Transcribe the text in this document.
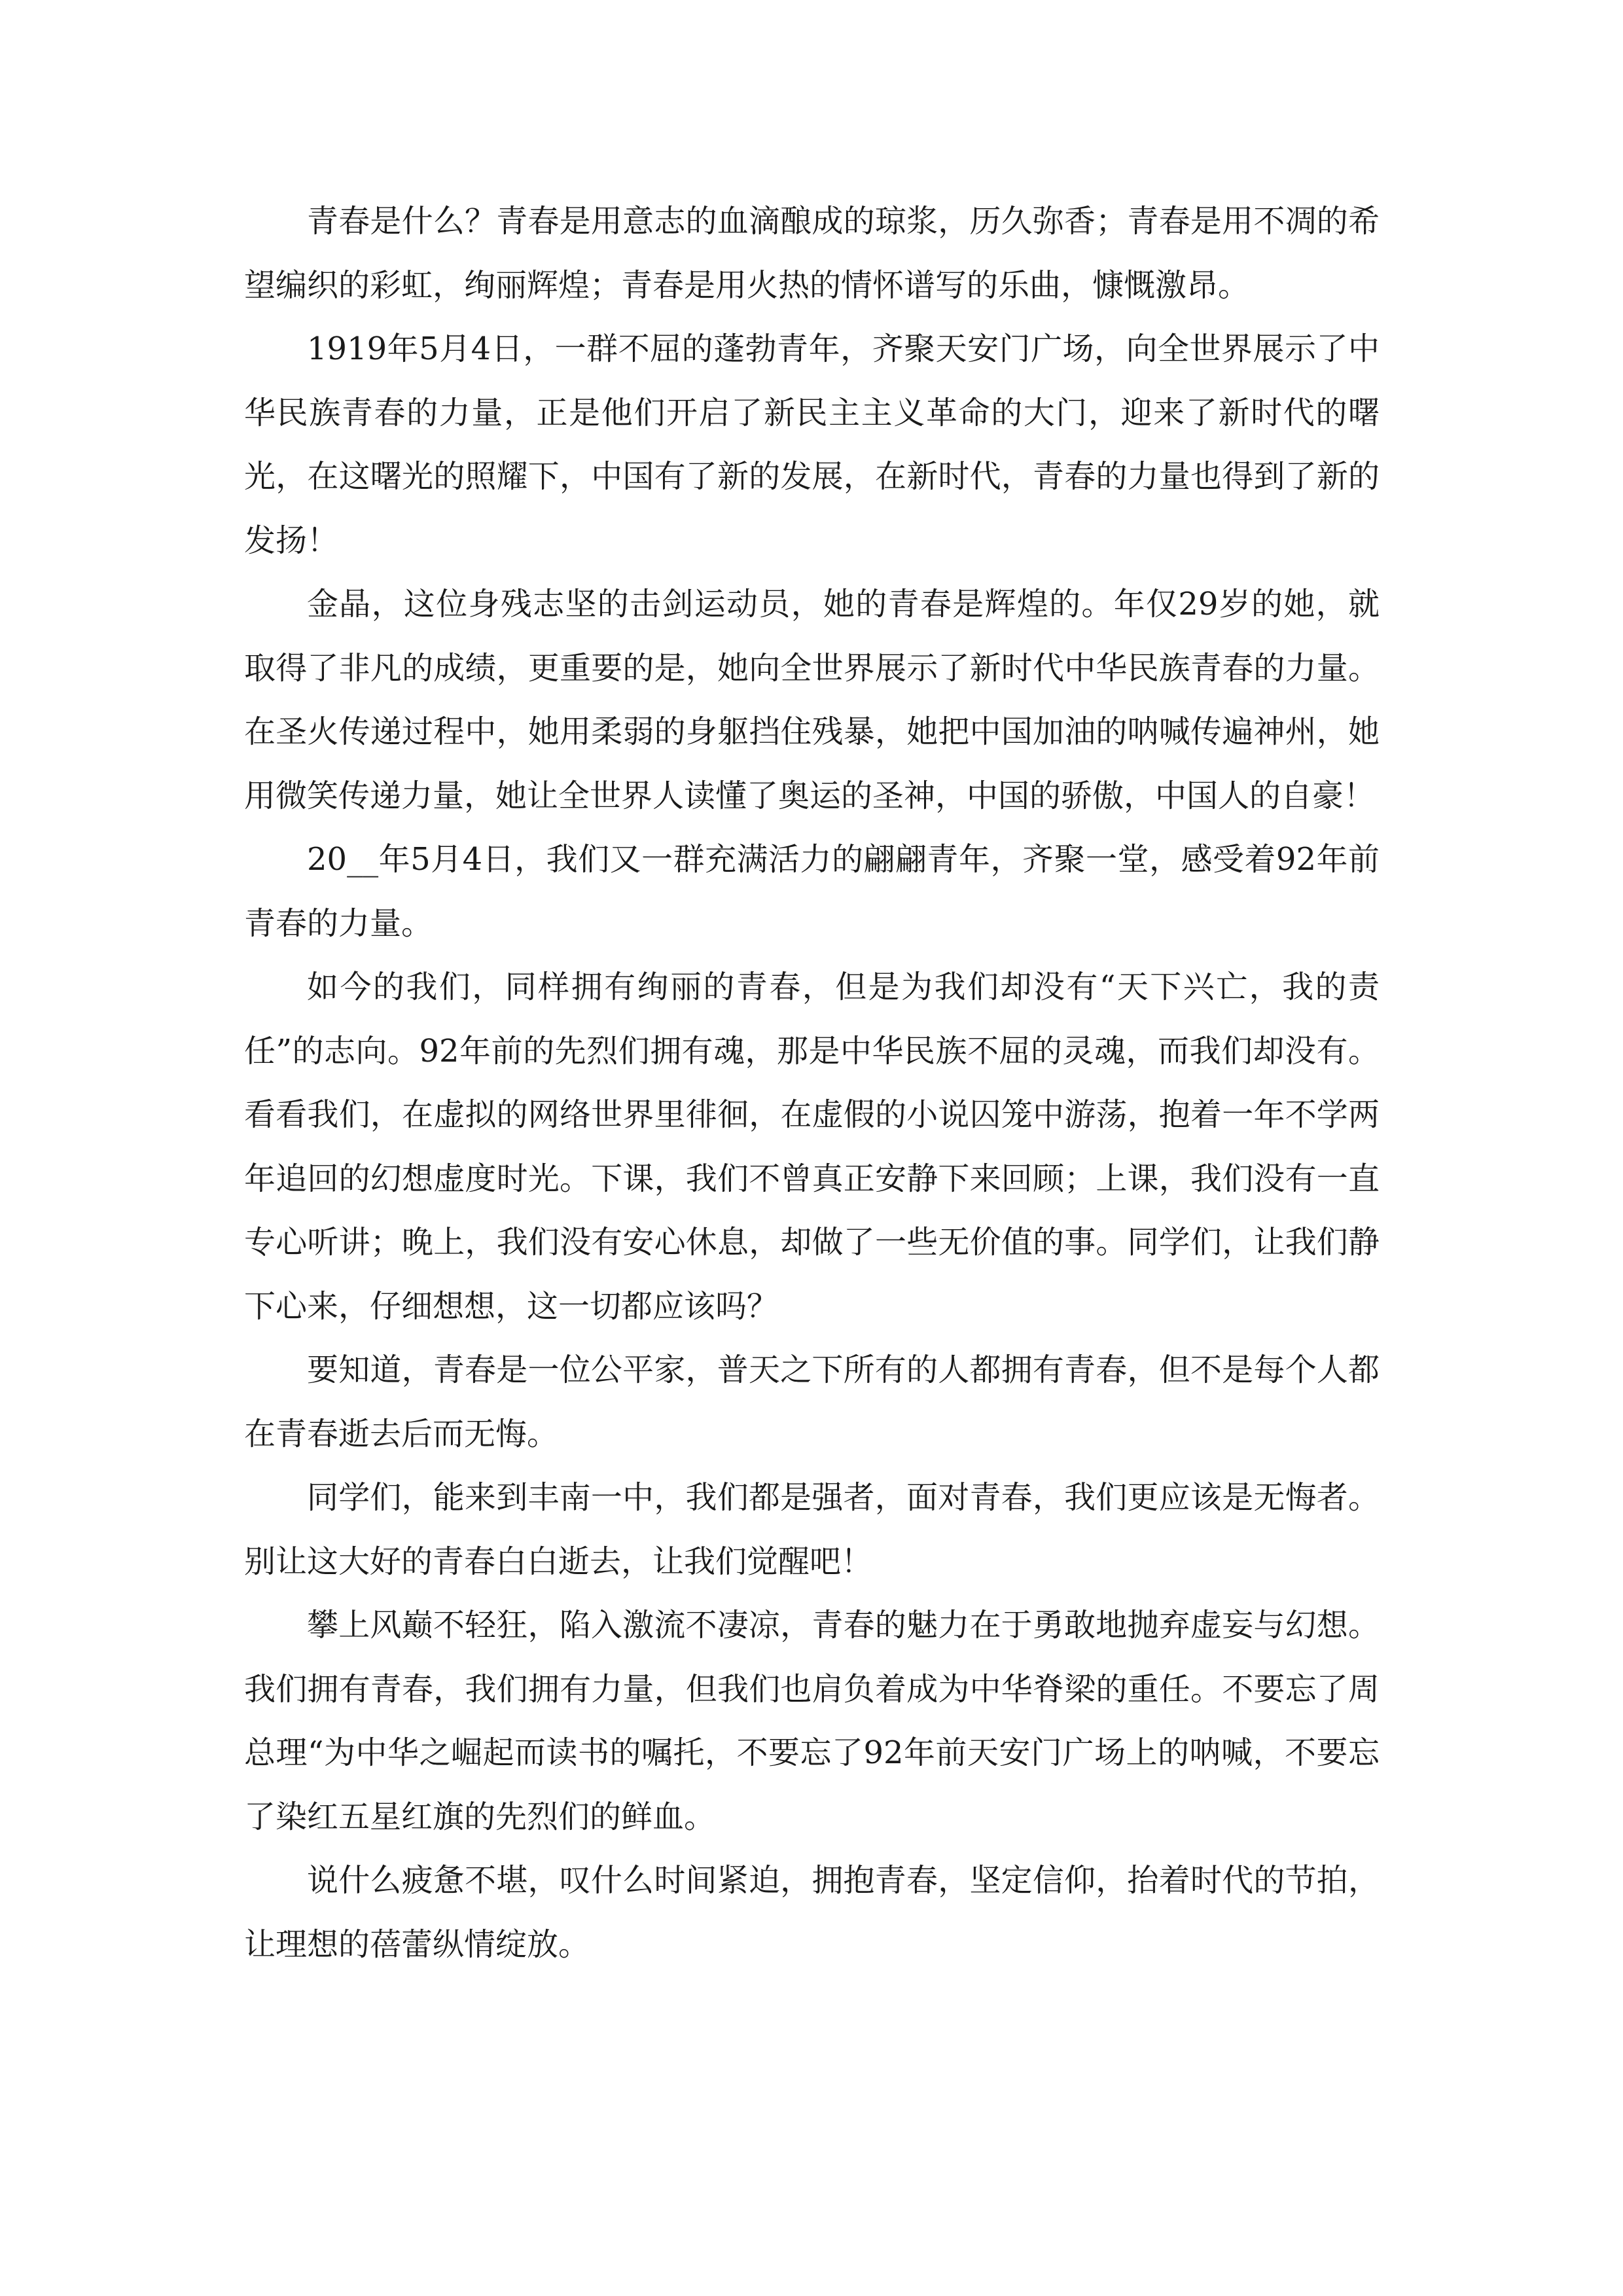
青春是什么？青春是用意志的血滴酿成的琼浆，历久弥香；青春是用不凋的希望编织的彩虹，绚丽辉煌；青春是用火热的情怀谱写的乐曲，慷慨激昂。

1919年5月4日，一群不屈的蓬勃青年，齐聚天安门广场，向全世界展示了中华民族青春的力量，正是他们开启了新民主主义革命的大门，迎来了新时代的曙光，在这曙光的照耀下，中国有了新的发展，在新时代，青春的力量也得到了新的发扬！

金晶，这位身残志坚的击剑运动员，她的青春是辉煌的。年仅29岁的她，就取得了非凡的成绩，更重要的是，她向全世界展示了新时代中华民族青春的力量。在圣火传递过程中，她用柔弱的身躯挡住残暴，她把中国加油的呐喊传遍神州，她用微笑传递力量，她让全世界人读懂了奥运的圣神，中国的骄傲，中国人的自豪！

20__年5月4日，我们又一群充满活力的翩翩青年，齐聚一堂，感受着92年前青春的力量。

如今的我们，同样拥有绚丽的青春，但是为我们却没有“天下兴亡，我的责任”的志向。92年前的先烈们拥有魂，那是中华民族不屈的灵魂，而我们却没有。看看我们，在虚拟的网络世界里徘徊，在虚假的小说囚笼中游荡，抱着一年不学两年追回的幻想虚度时光。下课，我们不曾真正安静下来回顾；上课，我们没有一直专心听讲；晚上，我们没有安心休息，却做了一些无价值的事。同学们，让我们静下心来，仔细想想，这一切都应该吗？

要知道，青春是一位公平家，普天之下所有的人都拥有青春，但不是每个人都在青春逝去后而无悔。

同学们，能来到丰南一中，我们都是强者，面对青春，我们更应该是无悔者。别让这大好的青春白白逝去，让我们觉醒吧！

攀上风巅不轻狂，陷入激流不凄凉，青春的魅力在于勇敢地抛弃虚妄与幻想。我们拥有青春，我们拥有力量，但我们也肩负着成为中华脊梁的重任。不要忘了周总理“为中华之崛起而读书的嘱托，不要忘了92年前天安门广场上的呐喊，不要忘了染红五星红旗的先烈们的鲜血。

说什么疲惫不堪，叹什么时间紧迫，拥抱青春，坚定信仰，抬着时代的节拍，让理想的蓓蕾纵情绽放。
